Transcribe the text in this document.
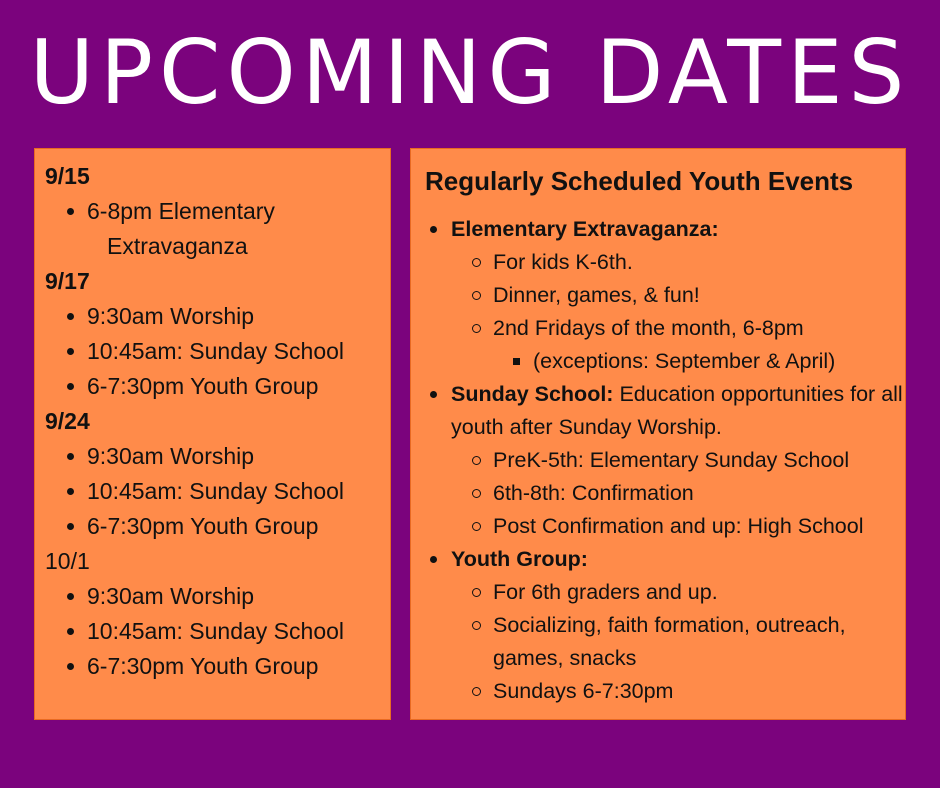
UPCOMING DATES
9/15
6-8pm Elementary
Extravaganza
9/17
9:30am Worship
10:45am: Sunday School
6-7:30pm Youth Group
9/24
9:30am Worship
10:45am: Sunday School
6-7:30pm Youth Group
10/1
9:30am Worship
10:45am: Sunday School
6-7:30pm Youth Group
Regularly Scheduled Youth Events
Elementary Extravaganza:
For kids K-6th.
Dinner, games, & fun!
2nd Fridays of the month, 6-8pm
(exceptions: September & April)
Sunday School: Education opportunities for all youth after Sunday Worship.
PreK-5th: Elementary Sunday School
6th-8th: Confirmation
Post Confirmation and up: High School
Youth Group:
For 6th graders and up.
Socializing, faith formation, outreach, games, snacks
Sundays 6-7:30pm
